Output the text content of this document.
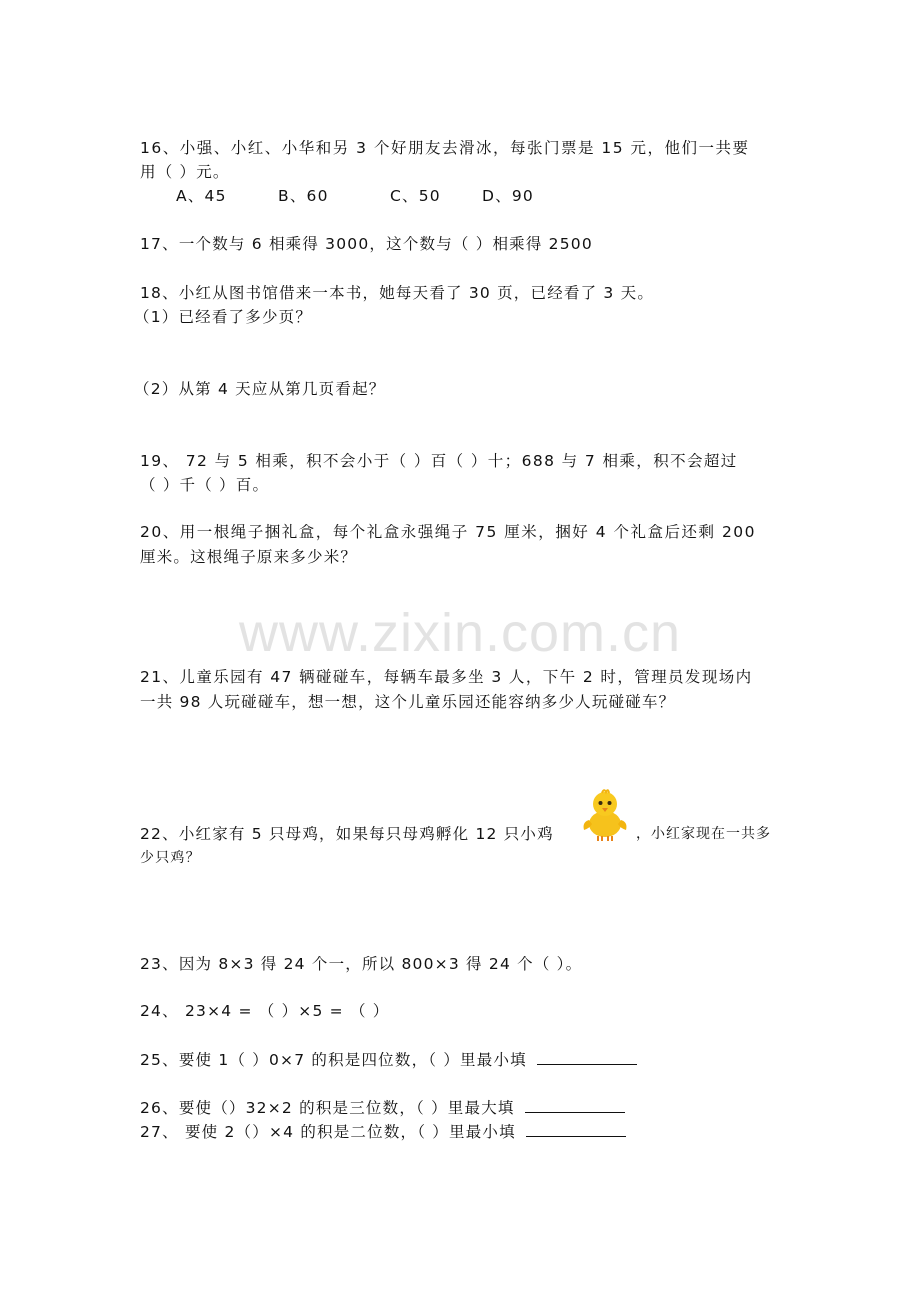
www.zixin.com.cn
16、小强、小红、小华和另 3 个好朋友去滑冰，每张门票是 15 元，他们一共要
用（ ）元。
A、45	B、60	C、50	D、90
17、一个数与 6 相乘得 3000，这个数与（ ）相乘得 2500
18、小红从图书馆借来一本书，她每天看了 30 页，已经看了 3 天。
（1）已经看了多少页？
（2）从第 4 天应从第几页看起？
19、 72 与 5 相乘，积不会小于（ ）百（ ）十；688 与 7 相乘，积不会超过
（ ）千（ ）百。
20、用一根绳子捆礼盒，每个礼盒永强绳子 75 厘米，捆好 4 个礼盒后还剩 200
厘米。这根绳子原来多少米？
21、儿童乐园有 47 辆碰碰车，每辆车最多坐 3 人，下午 2 时，管理员发现场内
一共 98 人玩碰碰车，想一想，这个儿童乐园还能容纳多少人玩碰碰车？
22、小红家有 5 只母鸡，如果每只母鸡孵化 12 只小鸡	，小红家现在一共多
少只鸡？
23、因为 8×3 得 24 个一，所以 800×3 得 24 个（ ）。
24、 23×4 = （ ）×5 = （ ）
25、要使 1（ ）0×7 的积是四位数，（ ）里最小填
26、要使（）32×2 的积是三位数，（ ）里最大填
27、 要使 2（）×4 的积是二位数，（ ）里最小填
